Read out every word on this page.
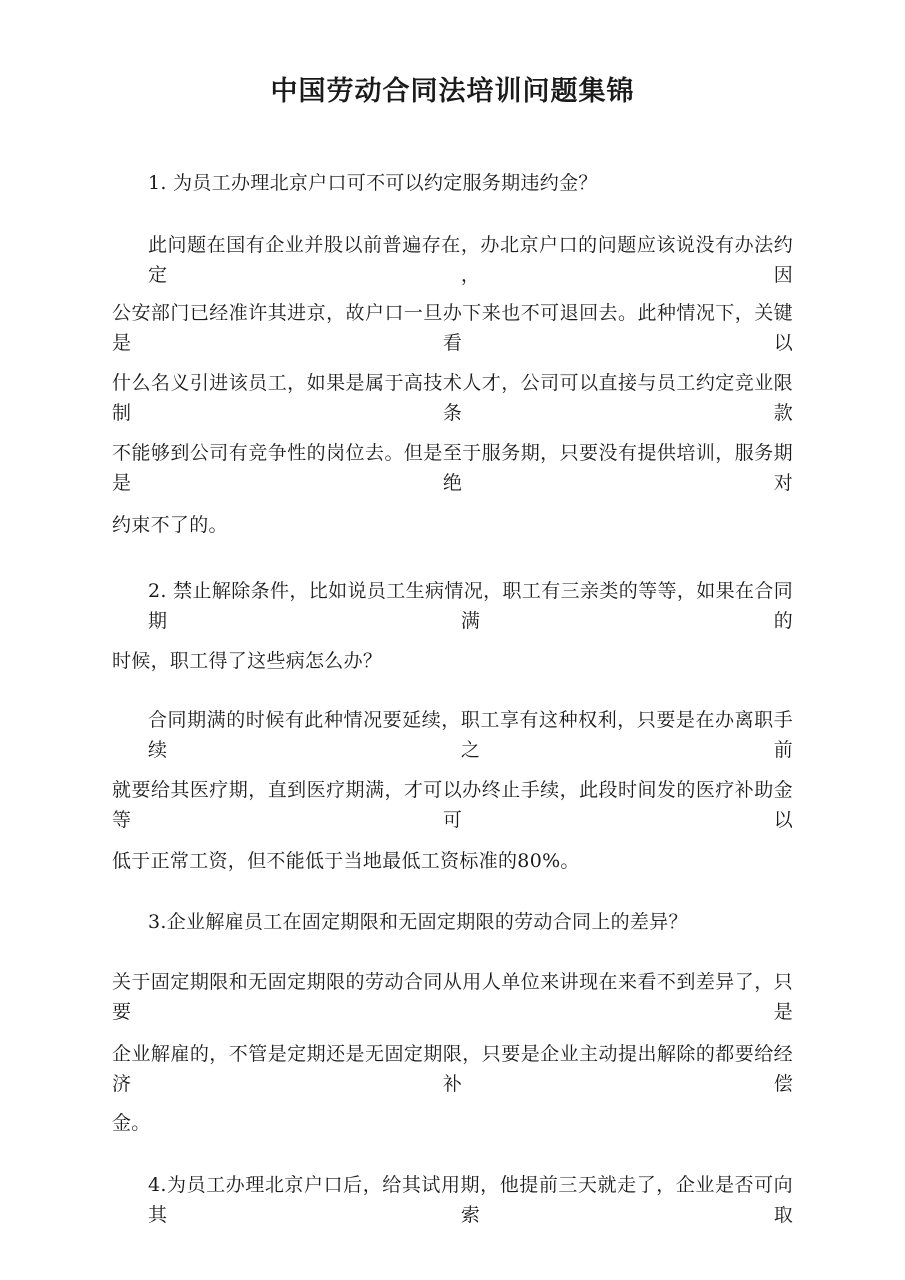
中国劳动合同法培训问题集锦

1. 为员工办理北京户口可不可以约定服务期违约金？

此问题在国有企业并股以前普遍存在，办北京户口的问题应该说没有办法约定，因

公安部门已经准许其进京，故户口一旦办下来也不可退回去。此种情况下，关键是看以

什么名义引进该员工，如果是属于高技术人才，公司可以直接与员工约定竞业限制条款

不能够到公司有竞争性的岗位去。但是至于服务期，只要没有提供培训，服务期是绝对

约束不了的。

2. 禁止解除条件，比如说员工生病情况，职工有三亲类的等等，如果在合同期满的

时候，职工得了这些病怎么办？

合同期满的时候有此种情况要延续，职工享有这种权利，只要是在办离职手续之前

就要给其医疗期，直到医疗期满，才可以办终止手续，此段时间发的医疗补助金等可以

低于正常工资，但不能低于当地最低工资标准的80%。

3.企业解雇员工在固定期限和无固定期限的劳动合同上的差异？

关于固定期限和无固定期限的劳动合同从用人单位来讲现在来看不到差异了，只要是

企业解雇的，不管是定期还是无固定期限，只要是企业主动提出解除的都要给经济补偿

金。

4.为员工办理北京户口后，给其试用期，他提前三天就走了，企业是否可向其索取
